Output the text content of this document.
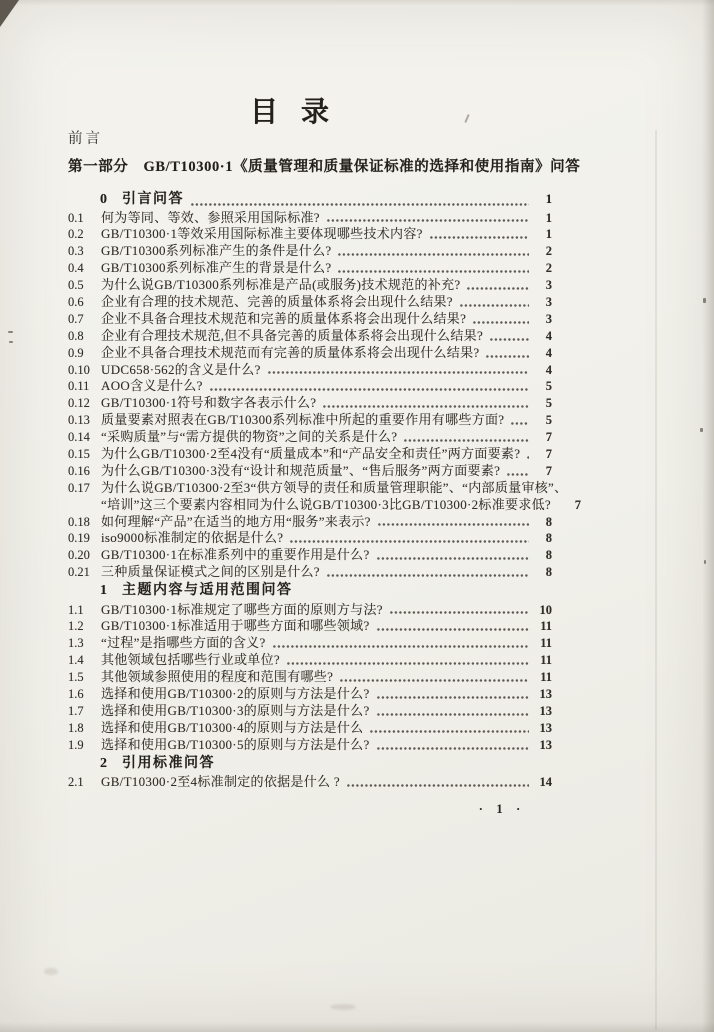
目 录
前言
第一部分　GB/T10300·1《质量管理和质量保证标准的选择和使用指南》问答
0 引言问答	1
0.1	何为等同、等效、参照采用国际标准?	1
0.2	GB/T10300·1等效采用国际标准主要体现哪些技术内容?	1
0.3	GB/T10300系列标准产生的条件是什么?	2
0.4	GB/T10300系列标准产生的背景是什么?	2
0.5	为什么说GB/T10300系列标准是产品(或服务)技术规范的补充?	3
0.6	企业有合理的技术规范、完善的质量体系将会出现什么结果?	3
0.7	企业不具备合理技术规范和完善的质量体系将会出现什么结果?	3
0.8	企业有合理技术规范,但不具备完善的质量体系将会出现什么结果?	4
0.9	企业不具备合理技术规范而有完善的质量体系将会出现什么结果?	4
0.10 UDC658·562的含义是什么?	4
0.11 AOO含义是什么?	5
0.12 GB/T10300·1符号和数字各表示什么?	5
0.13 质量要素对照表在GB/T10300系列标准中所起的重要作用有哪些方面?	5
0.14 “采购质量”与“需方提供的物资”之间的关系是什么?	7
0.15 为什么GB/T10300·2至4没有“质量成本”和“产品安全和责任”两方面要素?	7
0.16 为什么GB/T10300·3没有“设计和规范质量”、“售后服务”两方面要素?	7
0.17 为什么说GB/T10300·2至3“供方领导的责任和质量管理职能”、“内部质量审核”、
“培训”这三个要素内容相同为什么说GB/T10300·3比GB/T10300·2标准要求低?	7
0.18 如何理解“产品”在适当的地方用“服务”来表示?	8
0.19 iso9000标准制定的依据是什么?	8
0.20 GB/T10300·1在标准系列中的重要作用是什么?	8
0.21 三种质量保证模式之间的区别是什么?	8
1 主题内容与适用范围问答
1.1	GB/T10300·1标准规定了哪些方面的原则方与法?	10
1.2	GB/T10300·1标准适用于哪些方面和哪些领域?	11
1.3	“过程”是指哪些方面的含义?	11
1.4	其他领域包括哪些行业或单位?	11
1.5	其他领域参照使用的程度和范围有哪些?	11
1.6	选择和使用GB/T10300·2的原则与方法是什么?	13
1.7	选择和使用GB/T10300·3的原则与方法是什么?	13
1.8	选择和使用GB/T10300·4的原则与方法是什么	13
1.9	选择和使用GB/T10300·5的原则与方法是什么?	13
2 引用标准问答
2.1	GB/T10300·2至4标准制定的依据是什么 ?	14
· 1 ·
